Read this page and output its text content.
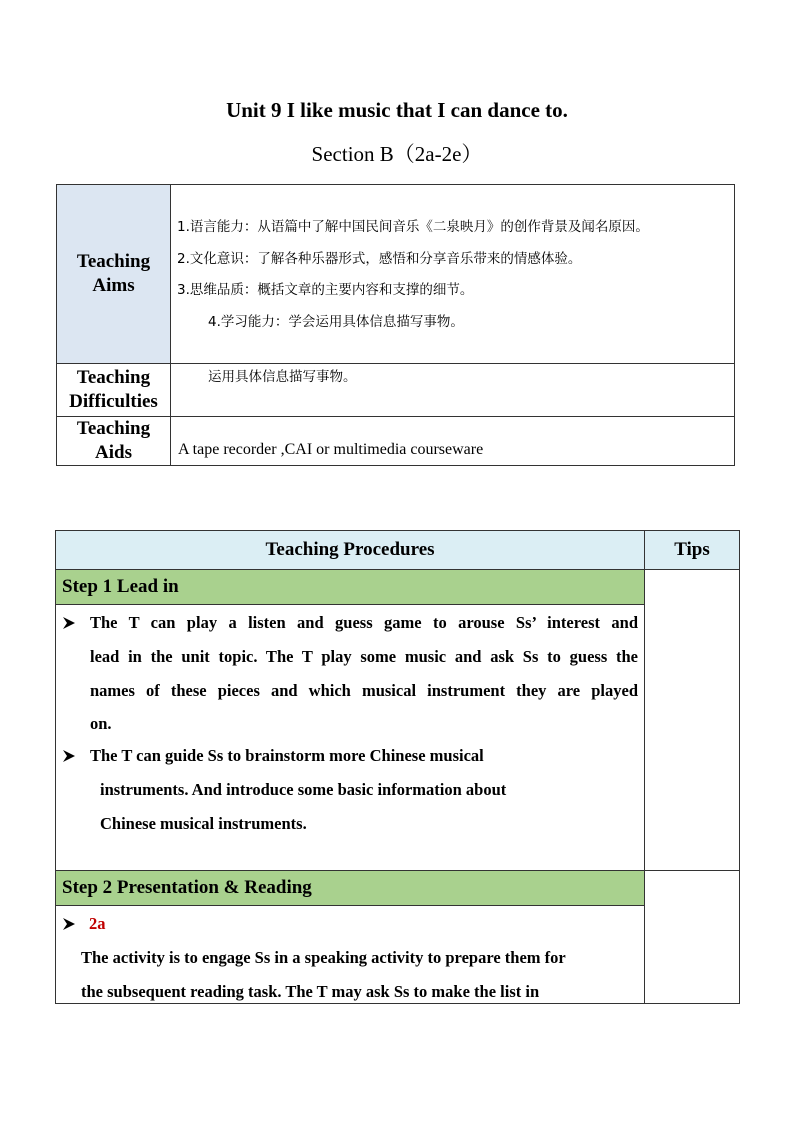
Unit 9 I like music that I can dance to.
Section B（2a-2e）
Teaching
Aims
1.语言能力：从语篇中了解中国民间音乐《二泉映月》的创作背景及闻名原因。
2.文化意识：了解各种乐器形式，感悟和分享音乐带来的情感体验。
3.思维品质：概括文章的主要内容和支撑的细节。
4.学习能力：学会运用具体信息描写事物。
Teaching
Difficulties
运用具体信息描写事物。
Teaching
Aids	A tape recorder ,CAI or multimedia courseware
Teaching Procedures	Tips
Step 1 Lead in
The T can play a listen and guess game to arouse Ss’ interest and
lead in the unit topic. The T play some music and ask Ss to guess the
names of these pieces and which musical instrument they are played
on.
The T can guide Ss to brainstorm more Chinese musical
instruments. And introduce some basic information about
Chinese musical instruments.
Step 2 Presentation & Reading
2a
The activity is to engage Ss in a speaking activity to prepare them for
the subsequent reading task. The T may ask Ss to make the list in
